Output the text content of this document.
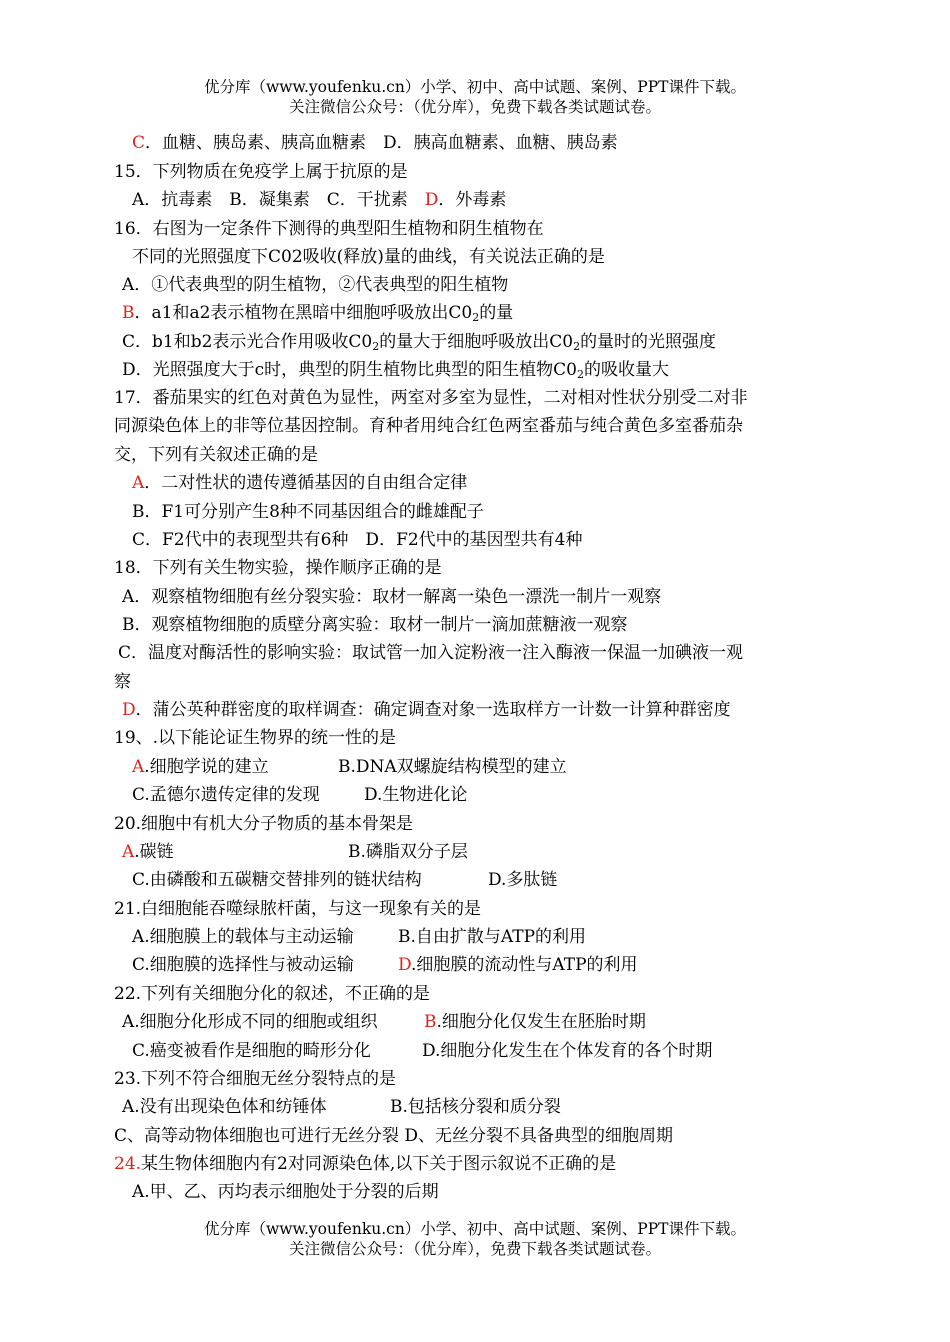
优分库（www.youfenku.cn）小学、初中、高中试题、案例、PPT课件下载。
关注微信公众号：（优分库），免费下载各类试题试卷。
C．血糖、胰岛素、胰高血糖素　D．胰高血糖素、血糖、胰岛素
15．下列物质在免疫学上属于抗原的是
A．抗毒素　B．凝集素　C．干扰素　D．外毒素
16．右图为一定条件下测得的典型阳生植物和阴生植物在
不同的光照强度下C02吸收(释放)量的曲线，有关说法正确的是
A．①代表典型的阴生植物，②代表典型的阳生植物
B．a1和a2表示植物在黑暗中细胞呼吸放出$C0_2$的量
C．b1和b2表示光合作用吸收$C0_2$的量大于细胞呼吸放出$C0_2$的量时的光照强度
D．光照强度大于c时，典型的阴生植物比典型的阳生植物$C0_2$的吸收量大
17．番茄果实的红色对黄色为显性，两室对多室为显性，二对相对性状分别受二对非
同源染色体上的非等位基因控制。育种者用纯合红色两室番茄与纯合黄色多室番茄杂
交，下列有关叙述正确的是
A．二对性状的遗传遵循基因的自由组合定律
B．F1可分别产生8种不同基因组合的雌雄配子
C．F2代中的表现型共有6种　D．F2代中的基因型共有4种
18．下列有关生物实验，操作顺序正确的是
A．观察植物细胞有丝分裂实验：取材一解离一染色一漂洗一制片一观察
B．观察植物细胞的质壁分离实验：取材一制片一滴加蔗糖液一观察
C．温度对酶活性的影响实验：取试管一加入淀粉液一注入酶液一保温一加碘液一观
察
D．蒲公英种群密度的取样调查：确定调查对象一选取样方一计数一计算种群密度
19、.以下能论证生物界的统一性的是
A.细胞学说的建立	B.DNA双螺旋结构模型的建立
C.孟德尔遗传定律的发现	D.生物进化论
20.细胞中有机大分子物质的基本骨架是
A.碳链	B.磷脂双分子层
C.由磷酸和五碳糖交替排列的链状结构	D.多肽链
21.白细胞能吞噬绿脓杆菌，与这一现象有关的是
A.细胞膜上的载体与主动运输	B.自由扩散与ATP的利用
C.细胞膜的选择性与被动运输	D.细胞膜的流动性与ATP的利用
22.下列有关细胞分化的叙述，不正确的是
A.细胞分化形成不同的细胞或组织	B.细胞分化仅发生在胚胎时期
C.癌变被看作是细胞的畸形分化	D.细胞分化发生在个体发育的各个时期
23.下列不符合细胞无丝分裂特点的是
A.没有出现染色体和纺锤体	B.包括核分裂和质分裂
C、高等动物体细胞也可进行无丝分裂 D、无丝分裂不具备典型的细胞周期
24.某生物体细胞内有2对同源染色体,以下关于图示叙说不正确的是
A.甲、乙、丙均表示细胞处于分裂的后期
优分库（www.youfenku.cn）小学、初中、高中试题、案例、PPT课件下载。
关注微信公众号：（优分库），免费下载各类试题试卷。
